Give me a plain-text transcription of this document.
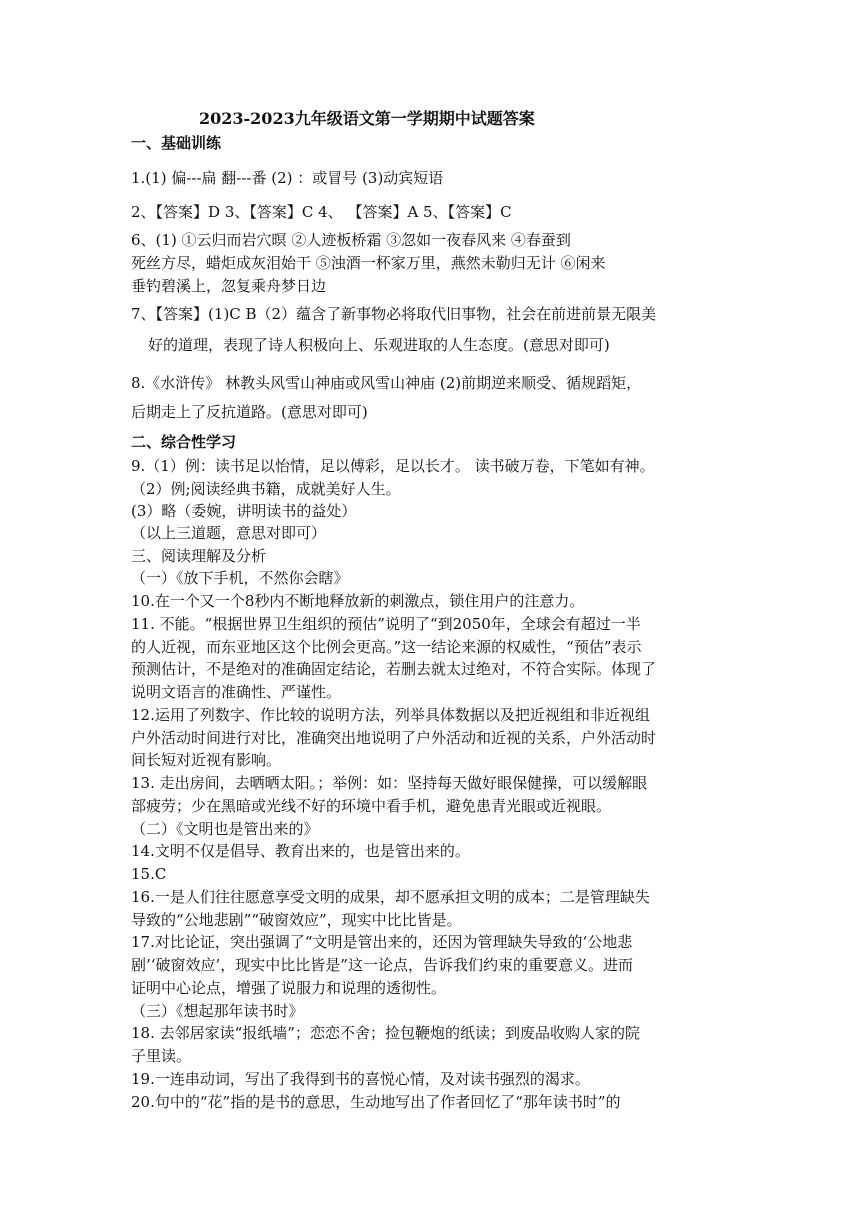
2023-2023九年级语文第一学期期中试题答案
一、基础训练
1.(1) 偏---扁 翻---番 (2) ：或冒号 (3)动宾短语
2、【答案】D 3、【答案】C 4、 【答案】A 5、【答案】C
6、(1) ①云归而岩穴暝 ②人迹板桥霜 ③忽如一夜春风来 ④春蚕到
死丝方尽，蜡炬成灰泪始干 ⑤浊酒一杯家万里，燕然未勒归无计 ⑥闲来
垂钓碧溪上，忽复乘舟梦日边
7、【答案】(1)C B（2）蕴含了新事物必将取代旧事物，社会在前进前景无限美
好的道理，表现了诗人积极向上、乐观进取的人生态度。(意思对即可)
8.《水浒传》 林教头风雪山神庙或风雪山神庙 (2)前期逆来顺受、循规蹈矩，
后期走上了反抗道路。(意思对即可)
二、综合性学习
9.（1）例：读书足以怡情，足以傅彩，足以长才。 读书破万卷，下笔如有神。
（2）例;阅读经典书籍，成就美好人生。
(3）略（委婉，讲明读书的益处）
（以上三道题，意思对即可）
三、阅读理解及分析
（一）《放下手机，不然你会瞎》
10.在一个又一个8秒内不断地释放新的刺激点，锁住用户的注意力。
11. 不能。“根据世界卫生组织的预估”说明了“到2050年，全球会有超过一半
的人近视，而东亚地区这个比例会更高。”这一结论来源的权威性，“预估”表示
预测估计，不是绝对的准确固定结论，若删去就太过绝对，不符合实际。体现了
说明文语言的准确性、严谨性。
12.运用了列数字、作比较的说明方法，列举具体数据以及把近视组和非近视组
户外活动时间进行对比，准确突出地说明了户外活动和近视的关系，户外活动时
间长短对近视有影响。
13. 走出房间，去晒晒太阳。；举例：如：坚持每天做好眼保健操，可以缓解眼
部疲劳；少在黑暗或光线不好的环境中看手机，避免患青光眼或近视眼。
（二）《文明也是管出来的》
14.文明不仅是倡导、教育出来的，也是管出来的。
15.C
16.一是人们往往愿意享受文明的成果，却不愿承担文明的成本；二是管理缺失
导致的“公地悲剧”“破窗效应”，现实中比比皆是。
17.对比论证，突出强调了“文明是管出来的，还因为管理缺失导致的‘公地悲
剧’‘破窗效应’，现实中比比皆是”这一论点，告诉我们约束的重要意义。进而
证明中心论点，增强了说服力和说理的透彻性。
（三）《想起那年读书时》
18. 去邻居家读“报纸墙”；恋恋不舍；捡包鞭炮的纸读；到废品收购人家的院
子里读。
19.一连串动词，写出了我得到书的喜悦心情，及对读书强烈的渴求。
20.句中的“花”指的是书的意思，生动地写出了作者回忆了“那年读书时”的
